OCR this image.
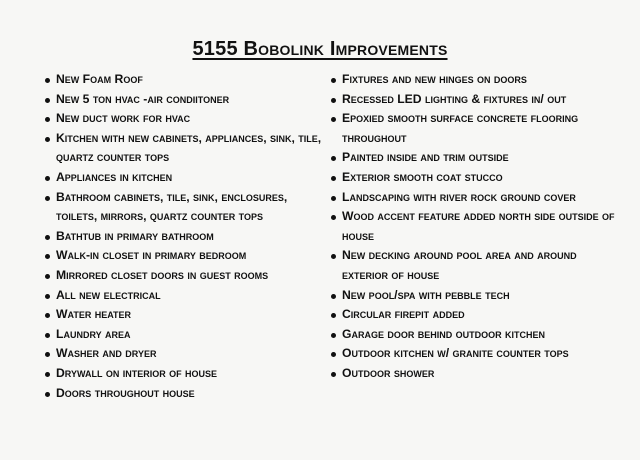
5155 Bobolink Improvements
New Foam Roof
New 5 ton hvac -air condiitoner
New duct work for hvac
Kitchen with new cabinets, appliances, sink, tile, quartz counter tops
Appliances in kitchen
Bathroom cabinets, tile, sink, enclosures, toilets, mirrors, quartz counter tops
Bathtub in primary bathroom
Walk-in closet in primary bedroom
Mirrored closet doors in guest rooms
All new electrical
Water heater
Laundry area
Washer and dryer
Drywall on interior of house
Doors throughout house
Fixtures and new hinges on doors
Recessed LED lighting & fixtures in/ out
Epoxied smooth surface concrete flooring throughout
Painted inside and trim outside
Exterior smooth coat stucco
Landscaping with river rock ground cover
Wood accent feature added north side outside of house
New decking around pool area and around exterior of house
New pool/spa with pebble tech
Circular firepit added
Garage door behind outdoor kitchen
Outdoor kitchen w/ granite counter tops
Outdoor shower
